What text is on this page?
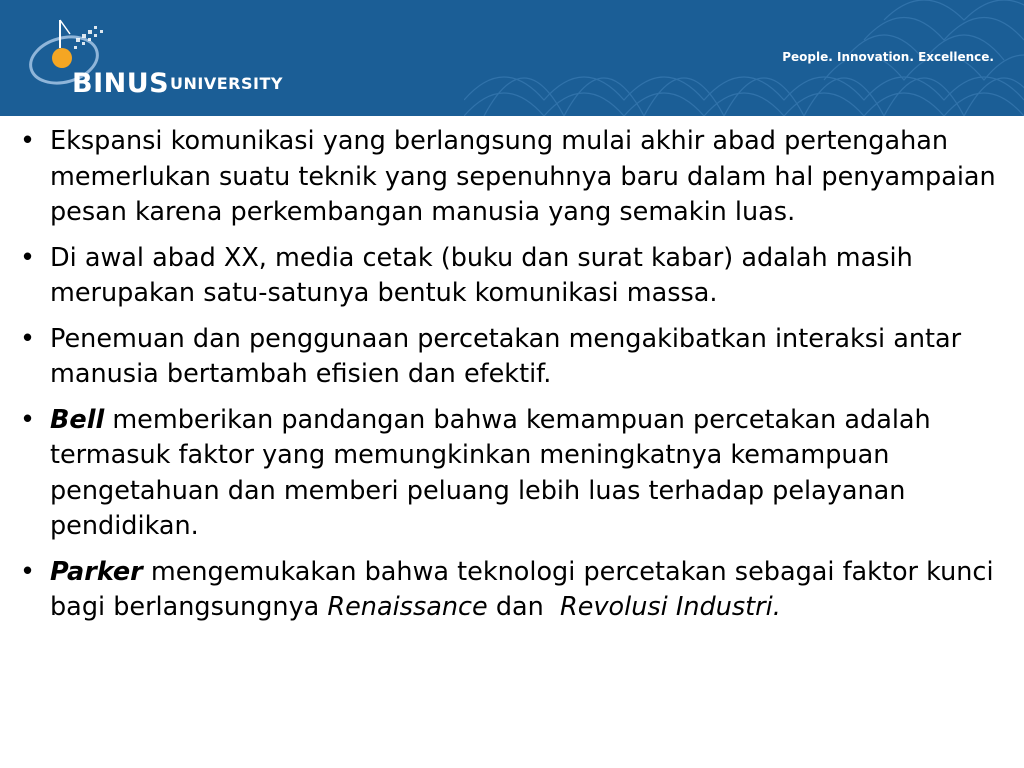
BINUS UNIVERSITY
People. Innovation. Excellence.
• Ekspansi komunikasi yang berlangsung mulai akhir abad pertengahan memerlukan suatu teknik yang sepenuhnya baru dalam hal penyampaian pesan karena perkembangan manusia yang semakin luas.
• Di awal abad XX, media cetak (buku dan surat kabar) adalah masih merupakan satu-satunya bentuk komunikasi massa.
• Penemuan dan penggunaan percetakan mengakibatkan interaksi antar manusia bertambah efisien dan efektif.
• Bell memberikan pandangan bahwa kemampuan percetakan adalah termasuk faktor yang memungkinkan meningkatnya kemampuan pengetahuan dan memberi peluang lebih luas terhadap pelayanan pendidikan.
• Parker mengemukakan bahwa teknologi percetakan sebagai faktor kunci bagi berlangsungnya Renaissance dan  Revolusi Industri.
